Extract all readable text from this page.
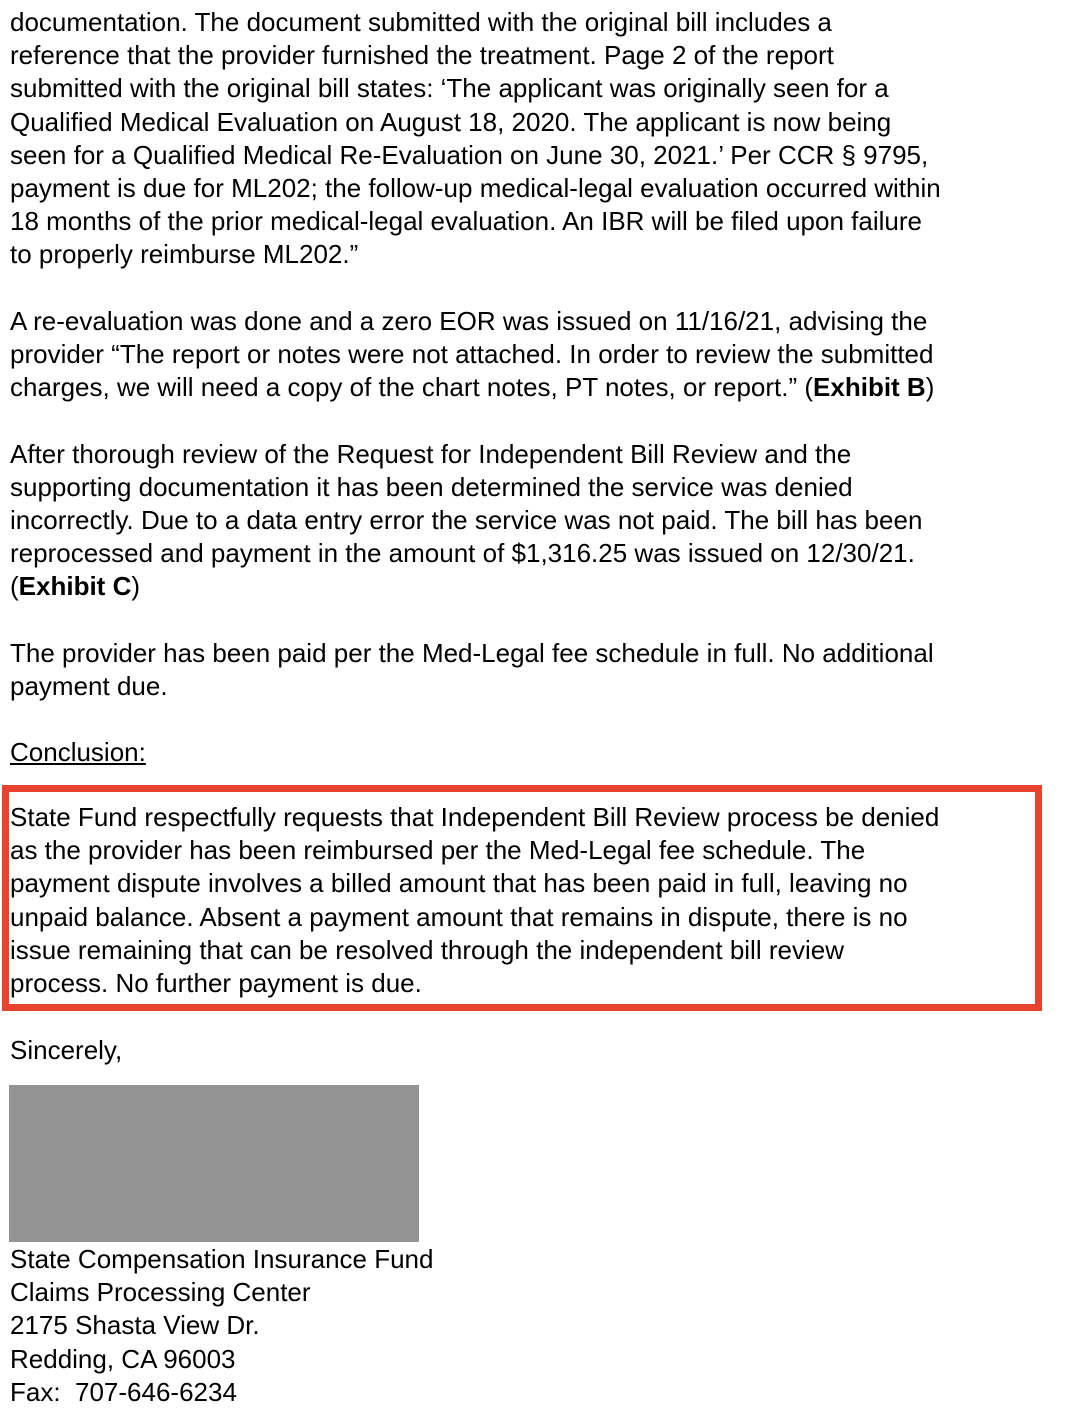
documentation. The document submitted with the original bill includes a
reference that the provider furnished the treatment. Page 2 of the report
submitted with the original bill states: ‘The applicant was originally seen for a
Qualified Medical Evaluation on August 18, 2020. The applicant is now being
seen for a Qualified Medical Re-Evaluation on June 30, 2021.’ Per CCR § 9795,
payment is due for ML202; the follow-up medical-legal evaluation occurred within
18 months of the prior medical-legal evaluation. An IBR will be filed upon failure
to properly reimburse ML202.”

A re-evaluation was done and a zero EOR was issued on 11/16/21, advising the
provider “The report or notes were not attached. In order to review the submitted
charges, we will need a copy of the chart notes, PT notes, or report.” (Exhibit B)

After thorough review of the Request for Independent Bill Review and the
supporting documentation it has been determined the service was denied
incorrectly. Due to a data entry error the service was not paid. The bill has been
reprocessed and payment in the amount of $1,316.25 was issued on 12/30/21.
(Exhibit C)

The provider has been paid per the Med-Legal fee schedule in full. No additional
payment due.

Conclusion:

State Fund respectfully requests that Independent Bill Review process be denied
as the provider has been reimbursed per the Med-Legal fee schedule. The
payment dispute involves a billed amount that has been paid in full, leaving no
unpaid balance. Absent a payment amount that remains in dispute, there is no
issue remaining that can be resolved through the independent bill review
process. No further payment is due.
Sincerely,
State Compensation Insurance Fund
Claims Processing Center
2175 Shasta View Dr.
Redding, CA 96003
Fax:  707-646-6234
